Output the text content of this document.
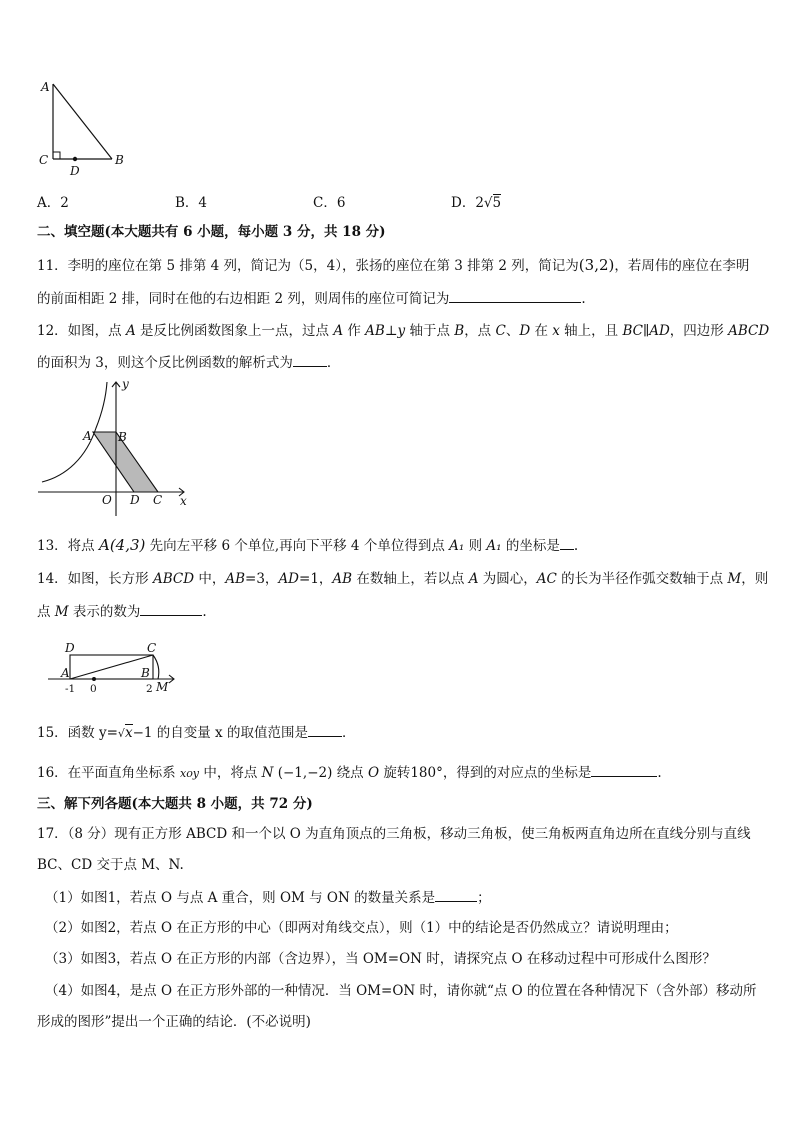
A
C	B
D
A．2	B．4	C．6	D．2√5
二、填空题(本大题共有 6 小题，每小题 3 分，共 18 分)
11．李明的座位在第 5 排第 4 列，简记为（5，4），张扬的座位在第 3 排第 2 列，简记为(3,2)，若周伟的座位在李明
的前面相距 2 排，同时在他的右边相距 2 列，则周伟的座位可简记为	.
12．如图，点 A 是反比例函数图象上一点，过点 A 作 AB⊥y 轴于点 B，点 C、D 在 x 轴上，且 BC∥AD，四边形 ABCD
的面积为 3，则这个反比例函数的解析式为	．
y
A B
O D C x
13．将点 A(4,3) 先向左平移 6 个单位,再向下平移 4 个单位得到点 A₁ 则 A₁ 的坐标是 .
14．如图，长方形 ABCD 中，AB=3，AD=1，AB 在数轴上，若以点 A 为圆心，AC 的长为半径作弧交数轴于点 M，则
点 M 表示的数为	.
D	C
A	B
M
-1 0	2
15．函数 y=√x−1 的自变量 x 的取值范围是	．
16．在平面直角坐标系 xoy 中，将点 N (−1,−2) 绕点 O 旋转180°，得到的对应点的坐标是	.
三、解下列各题(本大题共 8 小题，共 72 分)
17．（8 分）现有正方形 ABCD 和一个以 O 为直角顶点的三角板，移动三角板，使三角板两直角边所在直线分别与直线
BC、CD 交于点 M、N.
（1）如图1，若点 O 与点 A 重合，则 OM 与 ON 的数量关系是	；
（2）如图2，若点 O 在正方形的中心（即两对角线交点），则（1）中的结论是否仍然成立？请说明理由；
（3）如图3，若点 O 在正方形的内部（含边界），当 OM=ON 时，请探究点 O 在移动过程中可形成什么图形？
（4）如图4，是点 O 在正方形外部的一种情况．当 OM=ON 时，请你就“点 O 的位置在各种情况下（含外部）移动所
形成的图形”提出一个正确的结论．(不必说明)
